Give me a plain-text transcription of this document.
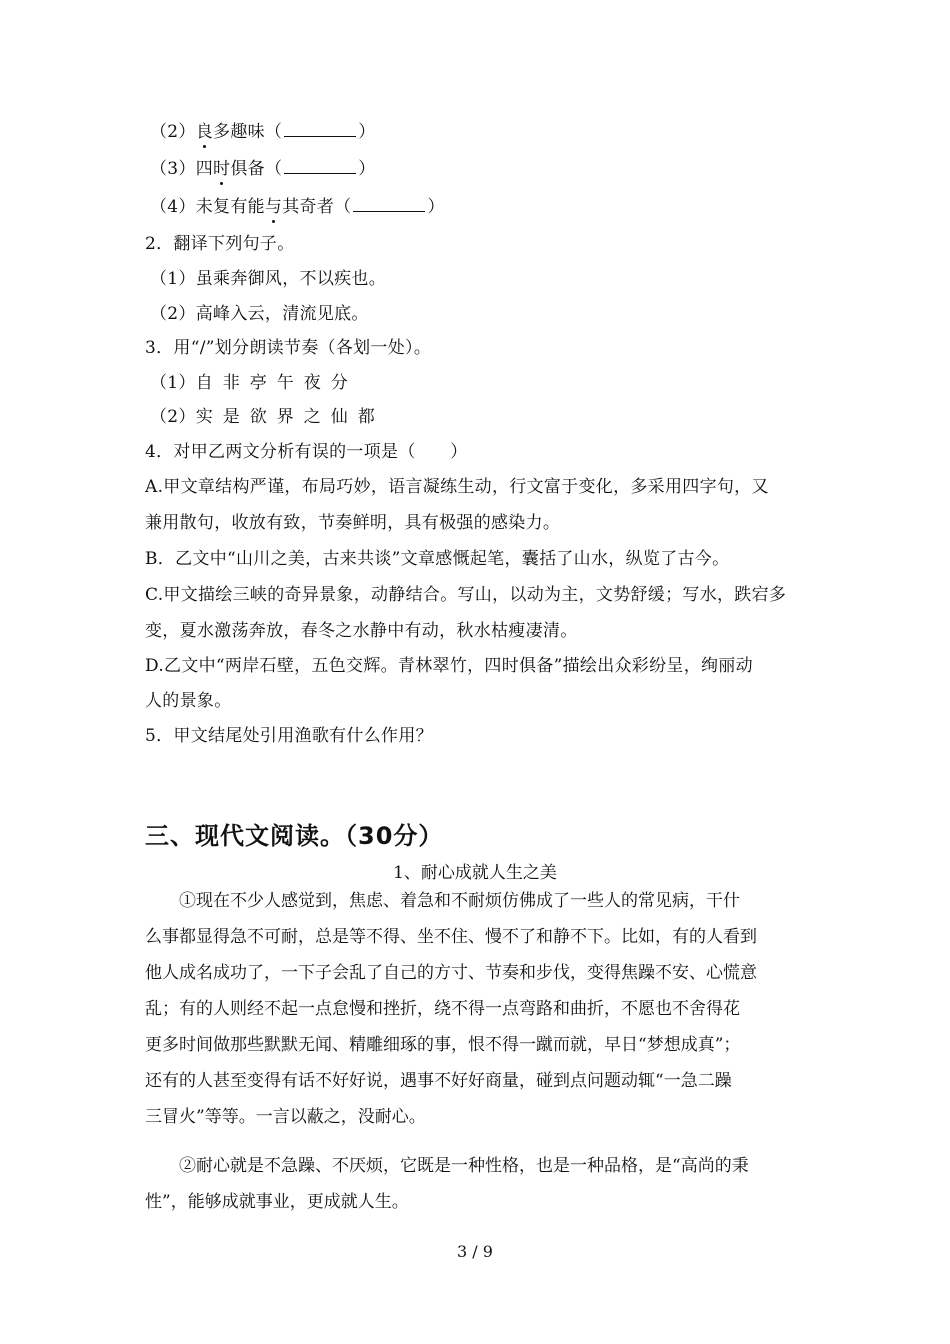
（2）良多趣味（	）
（3）四时俱备（	）
（4）未复有能与其奇者（	）
2．翻译下列句子。
（1）虽乘奔御风，不以疾也。
（2）高峰入云，清流见底。
3．用“/”划分朗读节奏（各划一处）。
（1）自非亭午夜分
（2）实是欲界之仙都
4．对甲乙两文分析有误的一项是（　　）
A.甲文章结构严谨，布局巧妙，语言凝练生动，行文富于变化，多采用四字句，又
兼用散句，收放有致，节奏鲜明，具有极强的感染力。
B．乙文中“山川之美，古来共谈”文章感慨起笔，囊括了山水，纵览了古今。
C.甲文描绘三峡的奇异景象，动静结合。写山，以动为主，文势舒缓；写水，跌宕多
变，夏水激荡奔放，春冬之水静中有动，秋水枯瘦凄清。
D.乙文中“两岸石壁，五色交辉。青林翠竹，四时俱备”描绘出众彩纷呈，绚丽动
人的景象。
5．甲文结尾处引用渔歌有什么作用？
三、现代文阅读。（30分）
1、耐心成就人生之美
　　①现在不少人感觉到，焦虑、着急和不耐烦仿佛成了一些人的常见病，干什
么事都显得急不可耐，总是等不得、坐不住、慢不了和静不下。比如，有的人看到
他人成名成功了，一下子会乱了自己的方寸、节奏和步伐，变得焦躁不安、心慌意
乱；有的人则经不起一点怠慢和挫折，绕不得一点弯路和曲折，不愿也不舍得花
更多时间做那些默默无闻、精雕细琢的事，恨不得一蹴而就，早日“梦想成真”；
还有的人甚至变得有话不好好说，遇事不好好商量，碰到点问题动辄“一急二躁
三冒火”等等。一言以蔽之，没耐心。
　　②耐心就是不急躁、不厌烦，它既是一种性格，也是一种品格，是“高尚的秉
性”，能够成就事业，更成就人生。
3 / 9
